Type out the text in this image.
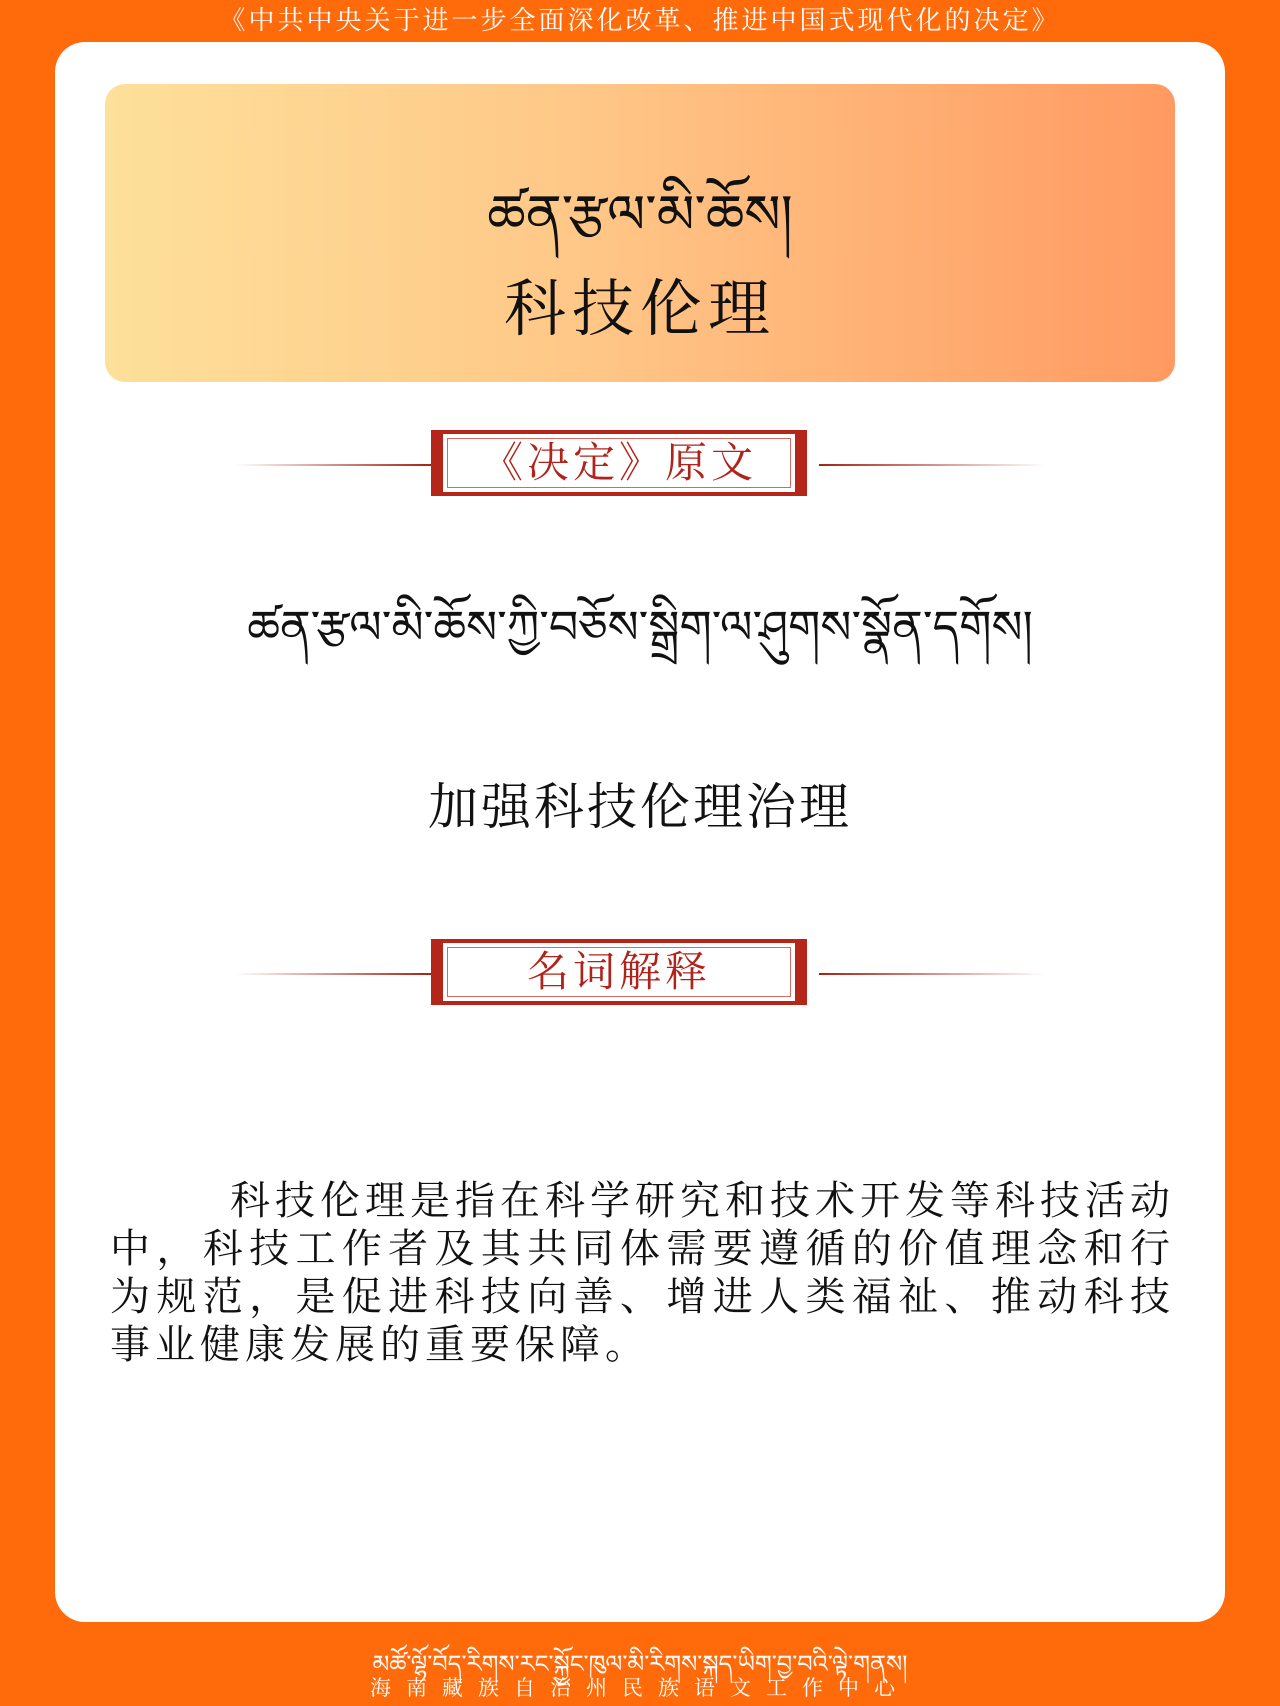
《中共中央关于进一步全面深化改革、推进中国式现代化的决定》
ཚན་རྩལ་མི་ཆོས།
科技伦理
《决定》原文
ཚན་རྩལ་མི་ཆོས་ཀྱི་བཅོས་སྒྲིག་ལ་ཤུགས་སྣོན་དགོས།
加强科技伦理治理
名词解释
科技伦理是指在科学研究和技术开发等科技活动中，科技工作者及其共同体需要遵循的价值理念和行为规范，是促进科技向善、增进人类福祉、推动科技事业健康发展的重要保障。
མཚོ་ལྷོ་བོད་རིགས་རང་སྐྱོང་ཁུལ་མི་རིགས་སྐད་ཡིག་བྱ་བའི་ལྟེ་གནས།
海南藏族自治州民族语文工作中心
